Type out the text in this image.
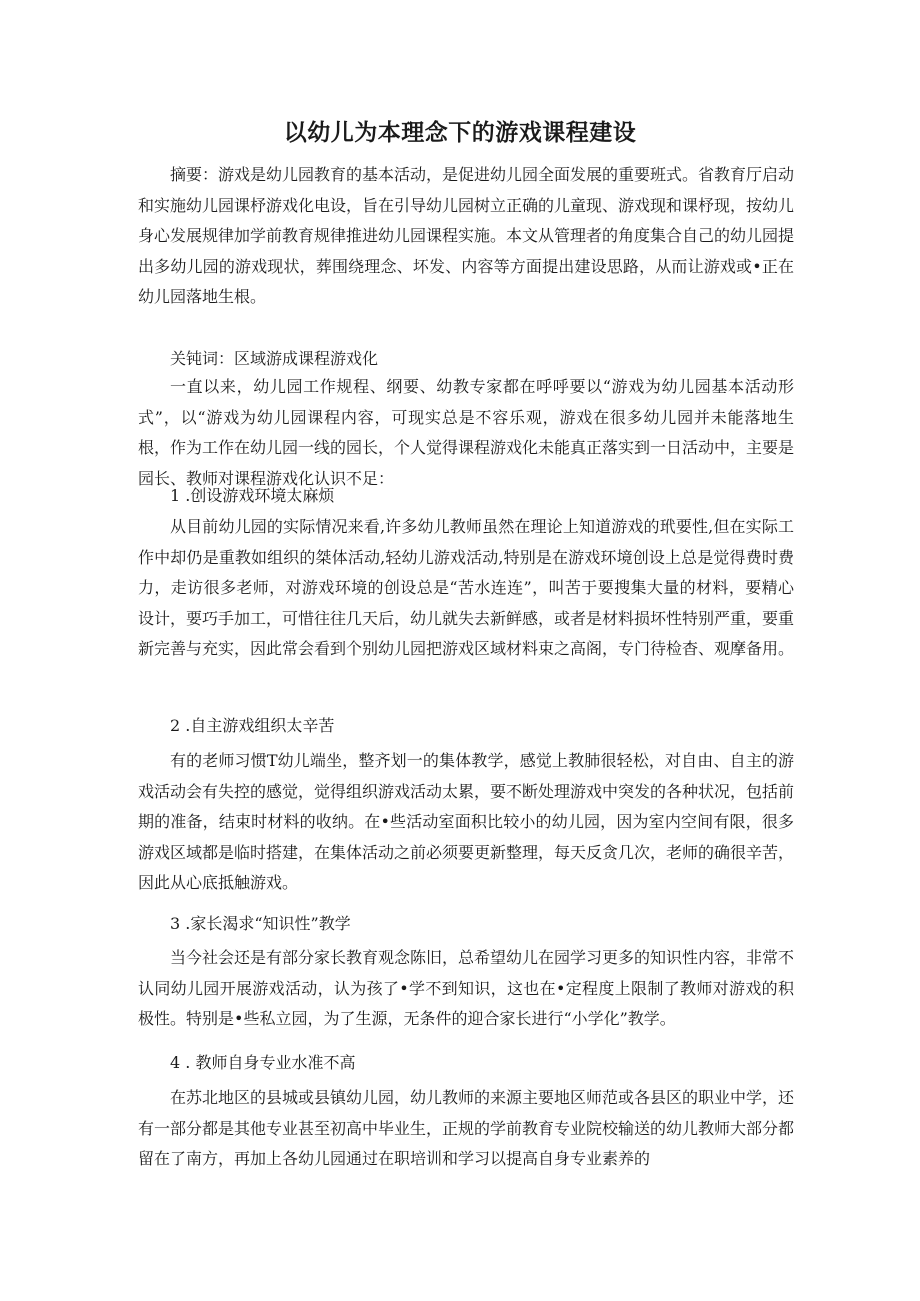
以幼儿为本理念下的游戏课程建设

摘要：游戏是幼儿园教育的基本活动，是促进幼儿园全面发展的重要班式。省教育厅启动和实施幼儿园课杼游戏化电设，旨在引导幼儿园树立正确的儿童现、游戏现和课杼现，按幼儿身心发展规律加学前教育规律推进幼儿园课程实施。本文从管理者的角度集合自己的幼儿园提出多幼儿园的游戏现状，葬围绕理念、坏发、内容等方面提出建设思路，从而让游戏或•正在幼儿园落地生根。

关钝词：区域游成课程游戏化

一直以来，幼儿园工作规程、纲要、幼教专家都在呼呼要以“游戏为幼儿园基本活动形式”，以“游戏为幼儿园课程内容，可现实总是不容乐观，游戏在很多幼儿园并未能落地生根，作为工作在幼儿园一线的园长，个人觉得课程游戏化未能真正落实到一日活动中，主要是园长、教师对课程游戏化认识不足：

1 .创设游戏环境太麻烦

从目前幼儿园的实际情况来看,许多幼儿教师虽然在理论上知道游戏的玳要性,但在实际工作中却仍是重教如组织的桀体活动,轻幼儿游戏活动,特别是在游戏环境创设上总是觉得费时费力，走访很多老师，对游戏环境的创设总是“苦水连连”，叫苦于要搜集大量的材料，要精心设计，要巧手加工，可惜往往几天后，幼儿就失去新鲜感，或者是材料损坏性特别严重，要重新完善与充实，因此常会看到个别幼儿园把游戏区域材料束之高阁，专门待检杳、观摩备用。

2 .自主游戏组织太辛苦

有的老师习惯T幼儿端坐，整齐划一的集体教学，感觉上教肺很轻松，对自由、自主的游戏活动会有失控的感觉，觉得组织游戏活动太累，要不断处理游戏中突发的各种状况，包括前期的准备，结束时材料的收纳。在•些活动室面积比较小的幼儿园，因为室内空间有限，很多游戏区域都是临时搭建，在集体活动之前必须要更新整理，每天反贪几次，老师的确很辛苦，因此从心底抵触游戏。

3 .家长渴求“知识性”教学

当今社会还是有部分家长教育观念陈旧，总希望幼儿在园学习更多的知识性内容，非常不认同幼儿园开展游戏活动，认为孩了•学不到知识，这也在•定程度上限制了教师对游戏的积极性。特别是•些私立园，为了生源，无条件的迎合家长进行“小学化”教学。

4 . 教师自身专业水准不高

在苏北地区的县城或县镇幼儿园，幼儿教师的来源主要地区师范或各县区的职业中学，还有一部分都是其他专业甚至初高中毕业生，正规的学前教育专业院校输送的幼儿教师大部分都留在了南方，再加上各幼儿园通过在职培训和学习以提高自身专业素养的
